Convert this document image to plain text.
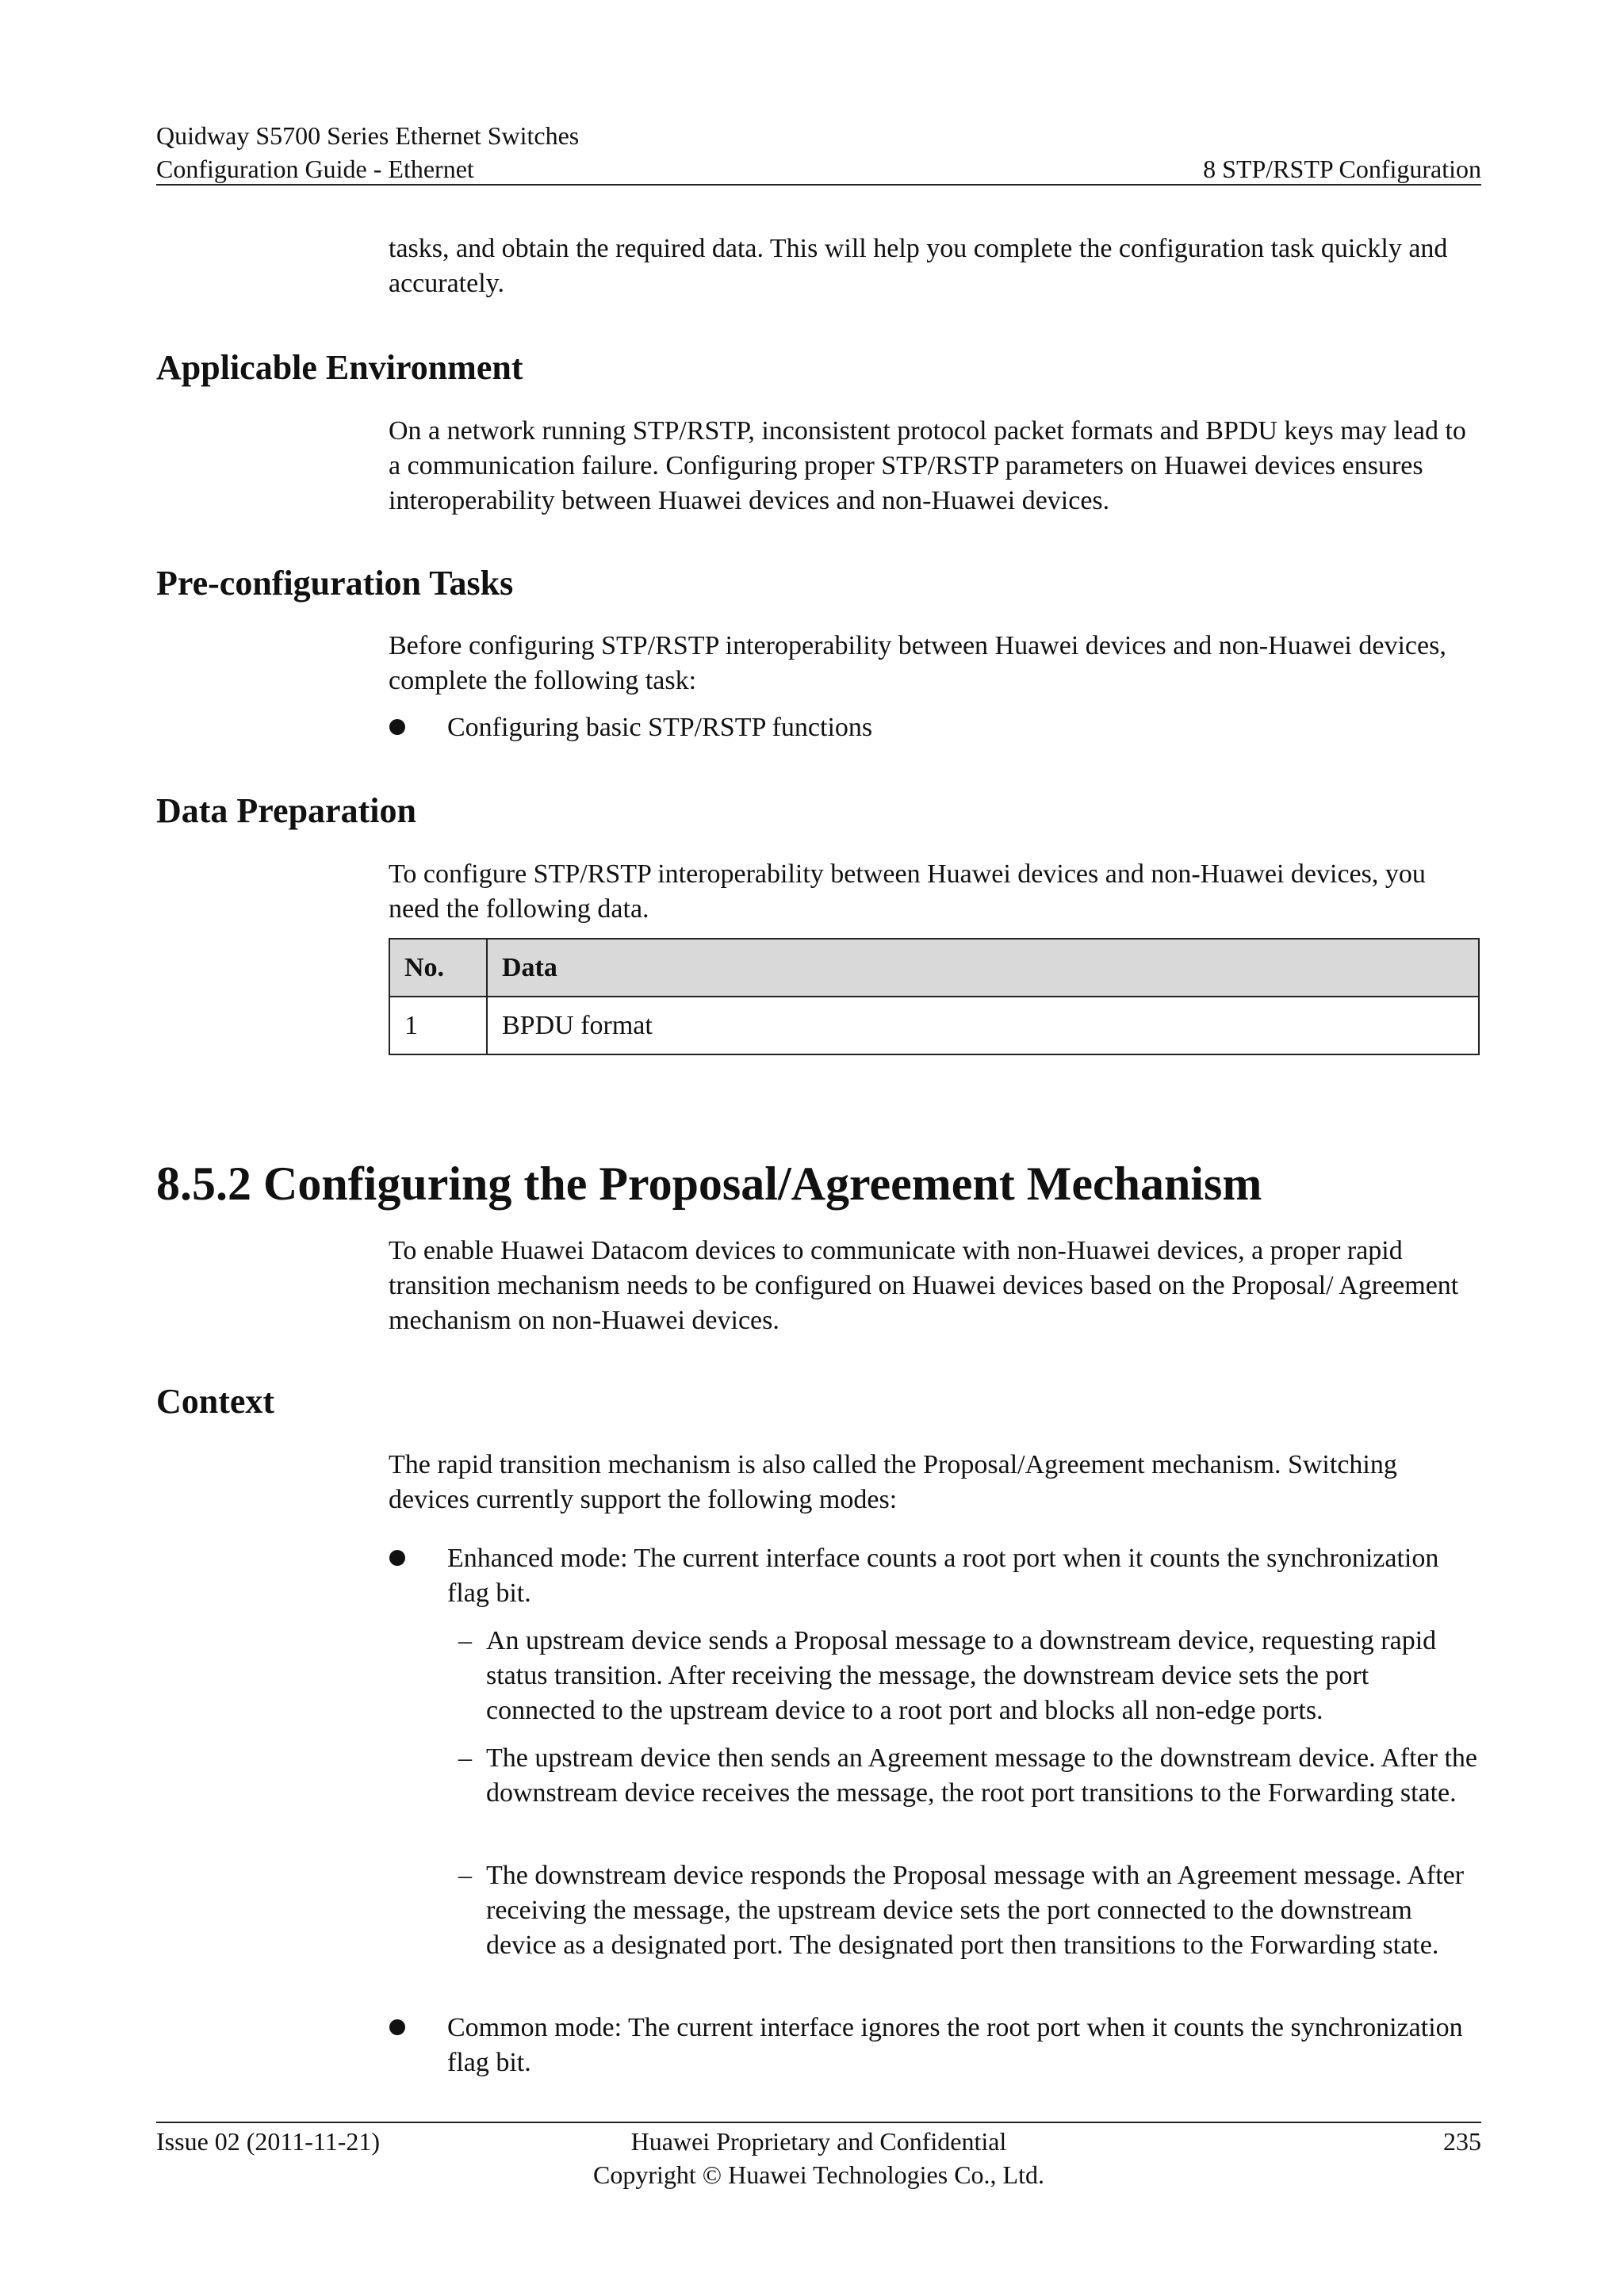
Quidway S5700 Series Ethernet Switches
Configuration Guide - Ethernet	8 STP/RSTP Configuration
tasks, and obtain the required data. This will help you complete the configuration task quickly and accurately.
Applicable Environment
On a network running STP/RSTP, inconsistent protocol packet formats and BPDU keys may lead to a communication failure. Configuring proper STP/RSTP parameters on Huawei devices ensures interoperability between Huawei devices and non-Huawei devices.
Pre-configuration Tasks
Before configuring STP/RSTP interoperability between Huawei devices and non-Huawei devices, complete the following task:
Configuring basic STP/RSTP functions
Data Preparation
To configure STP/RSTP interoperability between Huawei devices and non-Huawei devices, you need the following data.
No.	Data
1	BPDU format
8.5.2 Configuring the Proposal/Agreement Mechanism
To enable Huawei Datacom devices to communicate with non-Huawei devices, a proper rapid transition mechanism needs to be configured on Huawei devices based on the Proposal/ Agreement mechanism on non-Huawei devices.
Context
The rapid transition mechanism is also called the Proposal/Agreement mechanism. Switching devices currently support the following modes:
Enhanced mode: The current interface counts a root port when it counts the synchronization flag bit.
– An upstream device sends a Proposal message to a downstream device, requesting rapid status transition. After receiving the message, the downstream device sets the port connected to the upstream device to a root port and blocks all non-edge ports.
– The upstream device then sends an Agreement message to the downstream device. After the downstream device receives the message, the root port transitions to the Forwarding state.
– The downstream device responds the Proposal message with an Agreement message. After receiving the message, the upstream device sets the port connected to the downstream device as a designated port. The designated port then transitions to the Forwarding state.
Common mode: The current interface ignores the root port when it counts the synchronization flag bit.
Issue 02 (2011-11-21)	Huawei Proprietary and Confidential
Copyright © Huawei Technologies Co., Ltd.
235
